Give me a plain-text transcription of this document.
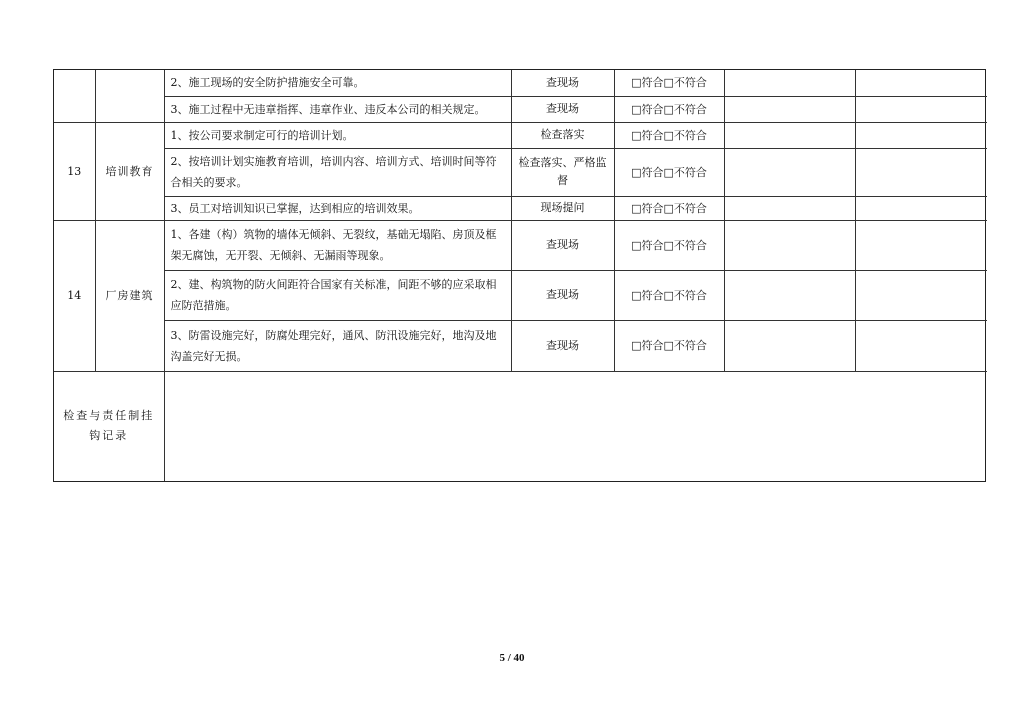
		2、施工现场的安全防护措施安全可靠。	查现场	□符合□不符合		
		3、施工过程中无违章指挥、违章作业、违反本公司的相关规定。	查现场	□符合□不符合		
13	培训教育	1、按公司要求制定可行的培训计划。	检查落实	□符合□不符合		
		2、按培训计划实施教育培训，培训内容、培训方式、培训时间等符合相关的要求。	检查落实、严格监督	□符合□不符合		
		3、员工对培训知识已掌握，达到相应的培训效果。	现场提问	□符合□不符合		
14	厂房建筑	1、各建（构）筑物的墙体无倾斜、无裂纹，基础无塌陷、房顶及框架无腐蚀，无开裂、无倾斜、无漏雨等现象。	查现场	□符合□不符合		
		2、建、构筑物的防火间距符合国家有关标准，间距不够的应采取相应防范措施。	查现场	□符合□不符合		
		3、防雷设施完好，防腐处理完好，通风、防汛设施完好，地沟及地沟盖完好无损。	查现场	□符合□不符合		
检查与责任制挂钩记录						
5 / 40
